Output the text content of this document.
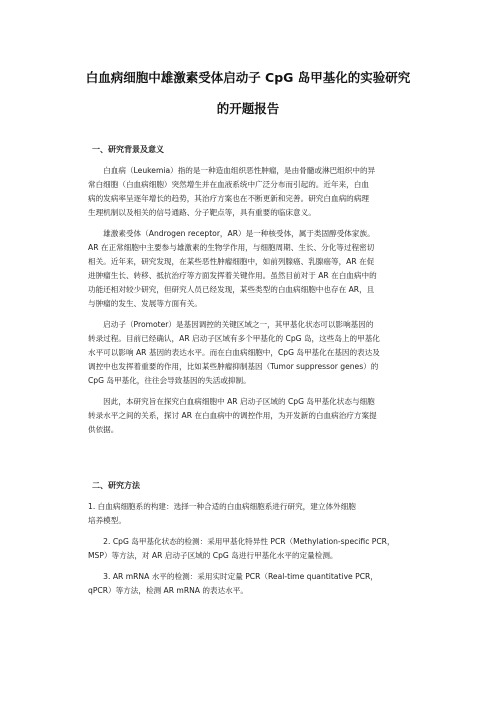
白血病细胞中雄激素受体启动子 CpG 岛甲基化的实验研究
的开题报告
一、研究背景及意义

　　白血病（Leukemia）指的是一种造血组织恶性肿瘤，是由骨髓或淋巴组织中的异
常白细胞（白血病细胞）突然增生并在血液系统中广泛分布而引起的。近年来，白血
病的发病率呈逐年增长的趋势，其治疗方案也在不断更新和完善。研究白血病的病理
生理机制以及相关的信号通路、分子靶点等，具有重要的临床意义。

　　雄激素受体（Androgen receptor，AR）是一种核受体，属于类固醇受体家族。
AR 在正常细胞中主要参与雄激素的生物学作用，与细胞周期、生长、分化等过程密切
相关。近年来，研究发现，在某些恶性肿瘤细胞中，如前列腺癌、乳腺癌等，AR 在促
进肿瘤生长、转移、抵抗治疗等方面发挥着关键作用。虽然目前对于 AR 在白血病中的
功能还相对较少研究，但研究人员已经发现，某些类型的白血病细胞中也存在 AR，且
与肿瘤的发生、发展等方面有关。

　　启动子（Promoter）是基因调控的关键区域之一，其甲基化状态可以影响基因的
转录过程。目前已经确认，AR 启动子区域有多个甲基化的 CpG 岛，这些岛上的甲基化
水平可以影响 AR 基因的表达水平。而在白血病细胞中，CpG 岛甲基化在基因的表达及
调控中也发挥着重要的作用，比如某些肿瘤抑制基因（Tumor suppressor genes）的
CpG 岛甲基化，往往会导致基因的失活或抑制。

　　因此，本研究旨在探究白血病细胞中 AR 启动子区域的 CpG 岛甲基化状态与细胞
转录水平之间的关系，探讨 AR 在白血病中的调控作用，为开发新的白血病治疗方案提
供依据。

二、研究方法

1. 白血病细胞系的构建：选择一种合适的白血病细胞系进行研究，建立体外细胞
培养模型。

　　2. CpG 岛甲基化状态的检测：采用甲基化特异性 PCR（Methylation-specific PCR，
MSP）等方法，对 AR 启动子区域的 CpG 岛进行甲基化水平的定量检测。

　　3. AR mRNA 水平的检测：采用实时定量 PCR（Real-time quantitative PCR，
qPCR）等方法，检测 AR mRNA 的表达水平。
